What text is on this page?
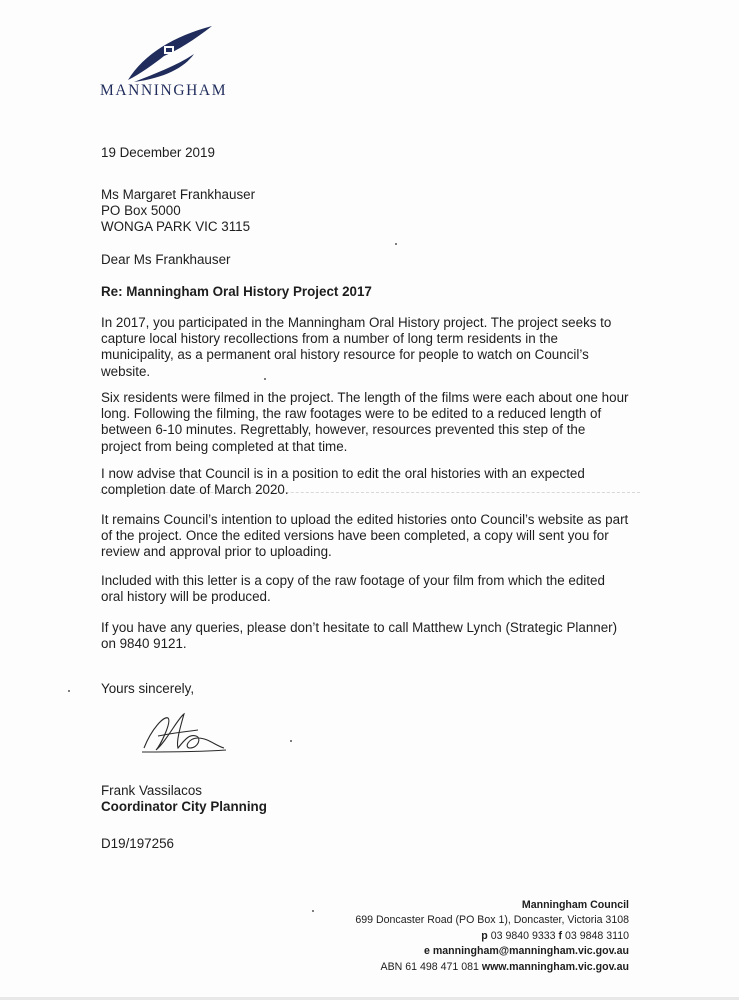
MANNINGHAM

19 December 2019

Ms Margaret Frankhauser

PO Box 5000

WONGA PARK VIC 3115

Dear Ms Frankhauser

Re: Manningham Oral History Project 2017

In 2017, you participated in the Manningham Oral History project. The project seeks to
capture local history recollections from a number of long term residents in the
municipality, as a permanent oral history resource for people to watch on Council’s
website.
Six residents were filmed in the project. The length of the films were each about one hour
long. Following the filming, the raw footages were to be edited to a reduced length of
between 6-10 minutes. Regrettably, however, resources prevented this step of the
project from being completed at that time.
I now advise that Council is in a position to edit the oral histories with an expected
completion date of March 2020.
It remains Council’s intention to upload the edited histories onto Council’s website as part
of the project. Once the edited versions have been completed, a copy will sent you for
review and approval prior to uploading.
Included with this letter is a copy of the raw footage of your film from which the edited
oral history will be produced.
If you have any queries, please don’t hesitate to call Matthew Lynch (Strategic Planner)
on 9840 9121.

Yours sincerely,

Frank Vassilacos

Coordinator City Planning

D19/197256

Manningham Council
699 Doncaster Road (PO Box 1), Doncaster, Victoria 3108
p 03 9840 9333 f 03 9848 3110
e manningham@manningham.vic.gov.au
ABN 61 498 471 081 www.manningham.vic.gov.au
